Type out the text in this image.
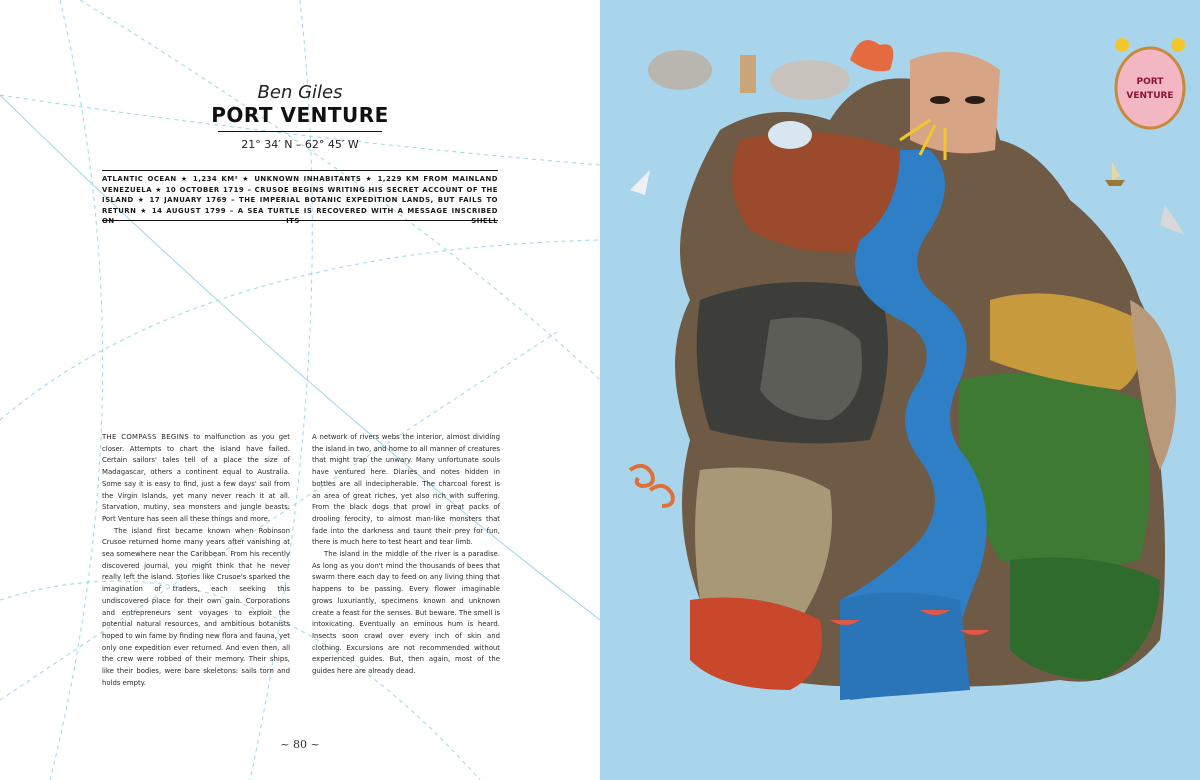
Ben Giles
PORT VENTURE
21° 34′ N – 62° 45′ W

ATLANTIC OCEAN ★ 1,234 KM² ★ UNKNOWN INHABITANTS ★ 1,229 KM FROM MAINLAND VENEZUELA ★ 10 OCTOBER 1719 – CRUSOE BEGINS WRITING HIS SECRET ACCOUNT OF THE ISLAND ★ 17 JANUARY 1769 – THE IMPERIAL BOTANIC EXPEDITION LANDS, BUT FAILS TO RETURN ★ 14 AUGUST 1799 – A SEA TURTLE IS RECOVERED WITH A MESSAGE INSCRIBED ON ITS SHELL

THE COMPASS BEGINS to malfunction as you get closer. Attempts to chart the island have failed. Certain sailors' tales tell of a place the size of Madagascar, others a continent equal to Australia. Some say it is easy to find, just a few days' sail from the Virgin Islands, yet many never reach it at all. Starvation, mutiny, sea monsters and jungle beasts: Port Venture has seen all these things and more.

The island first became known when Robinson Crusoe returned home many years after vanishing at sea somewhere near the Caribbean. From his recently discovered journal, you might think that he never really left the island. Stories like Crusoe's sparked the imagination of traders, each seeking this undiscovered place for their own gain. Corporations and entrepreneurs sent voyages to exploit the potential natural resources, and ambitious botanists hoped to win fame by finding new flora and fauna, yet only one expedition ever returned. And even then, all the crew were robbed of their memory. Their ships, like their bodies, were bare skeletons: sails torn and holds empty.

A network of rivers webs the interior, almost dividing the island in two, and home to all manner of creatures that might trap the unwary. Many unfortunate souls have ventured here. Diaries and notes hidden in bottles are all indecipherable. The charcoal forest is an area of great riches, yet also rich with suffering. From the black dogs that prowl in great packs of drooling ferocity, to almost man-like monsters that fade into the darkness and taunt their prey for fun, there is much here to test heart and tear limb.

The island in the middle of the river is a paradise. As long as you don't mind the thousands of bees that swarm there each day to feed on any living thing that happens to be passing. Every flower imaginable grows luxuriantly, specimens known and unknown create a feast for the senses. But beware. The smell is intoxicating. Eventually an eminous hum is heard. Insects soon crawl over every inch of skin and clothing. Excursions are not recommended without experienced guides. But, then again, most of the guides here are already dead.

~ 80 ~
PORT
VENTURE
